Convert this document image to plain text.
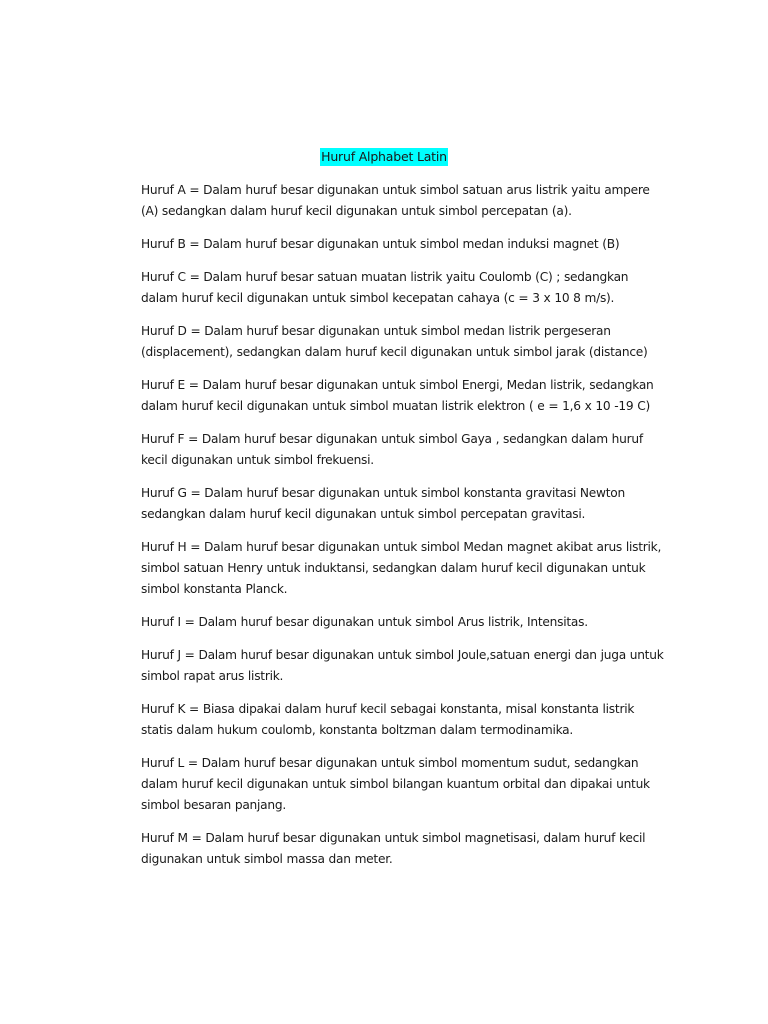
Huruf Alphabet Latin

Huruf A = Dalam huruf besar digunakan untuk simbol satuan arus listrik yaitu ampere (A) sedangkan dalam huruf kecil digunakan untuk simbol percepatan (a).

Huruf B = Dalam huruf besar digunakan untuk simbol medan induksi magnet (B)

Huruf C = Dalam huruf besar satuan muatan listrik yaitu Coulomb (C) ; sedangkan dalam huruf kecil digunakan untuk simbol kecepatan cahaya (c = 3 x 10 8 m/s).

Huruf D = Dalam huruf besar digunakan untuk simbol medan listrik pergeseran (displacement), sedangkan dalam huruf kecil digunakan untuk simbol jarak (distance)

Huruf E = Dalam huruf besar digunakan untuk simbol Energi, Medan listrik, sedangkan dalam huruf kecil digunakan untuk simbol muatan listrik elektron ( e = 1,6 x 10 -19 C)

Huruf F = Dalam huruf besar digunakan untuk simbol Gaya , sedangkan dalam huruf kecil digunakan untuk simbol frekuensi.

Huruf G = Dalam huruf besar digunakan untuk simbol konstanta gravitasi Newton sedangkan dalam huruf kecil digunakan untuk simbol percepatan gravitasi.

Huruf H = Dalam huruf besar digunakan untuk simbol Medan magnet akibat arus listrik, simbol satuan Henry untuk induktansi, sedangkan dalam huruf kecil digunakan untuk simbol konstanta Planck.

Huruf I = Dalam huruf besar digunakan untuk simbol Arus listrik, Intensitas.

Huruf J = Dalam huruf besar digunakan untuk simbol Joule,satuan energi dan juga untuk simbol rapat arus listrik.

Huruf K = Biasa dipakai dalam huruf kecil sebagai konstanta, misal konstanta listrik statis dalam hukum coulomb, konstanta boltzman dalam termodinamika.

Huruf L = Dalam huruf besar digunakan untuk simbol momentum sudut, sedangkan dalam huruf kecil digunakan untuk simbol bilangan kuantum orbital dan dipakai untuk simbol besaran panjang.

Huruf M = Dalam huruf besar digunakan untuk simbol magnetisasi, dalam huruf kecil digunakan untuk simbol massa dan meter.
